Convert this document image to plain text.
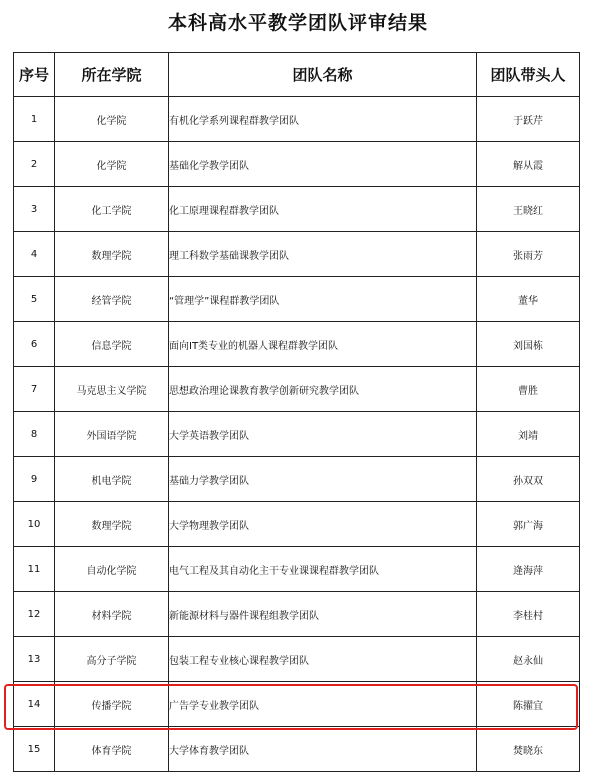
本科高水平教学团队评审结果
序号	所在学院	团队名称	团队带头人
1	化学院	有机化学系列课程群教学团队	于跃芹
2	化学院	基础化学教学团队	解从霞
3	化工学院	化工原理课程群教学团队	王晓红
4	数理学院	理工科数学基础课教学团队	张雨芳
5	经管学院	“管理学”课程群教学团队	董华
6	信息学院	面向IT类专业的机器人课程群教学团队	刘国栋
7	马克思主义学院	思想政治理论课教育教学创新研究教学团队	曹胜
8	外国语学院	大学英语教学团队	刘靖
9	机电学院	基础力学教学团队	孙双双
10	数理学院	大学物理教学团队	郭广海
11	自动化学院	电气工程及其自动化主干专业课课程群教学团队	逄海萍
12	材料学院	新能源材料与器件课程组教学团队	李桂村
13	高分子学院	包装工程专业核心课程教学团队	赵永仙
14	传播学院	广告学专业教学团队	陈擢宜
15	体育学院	大学体育教学团队	焚晓东
